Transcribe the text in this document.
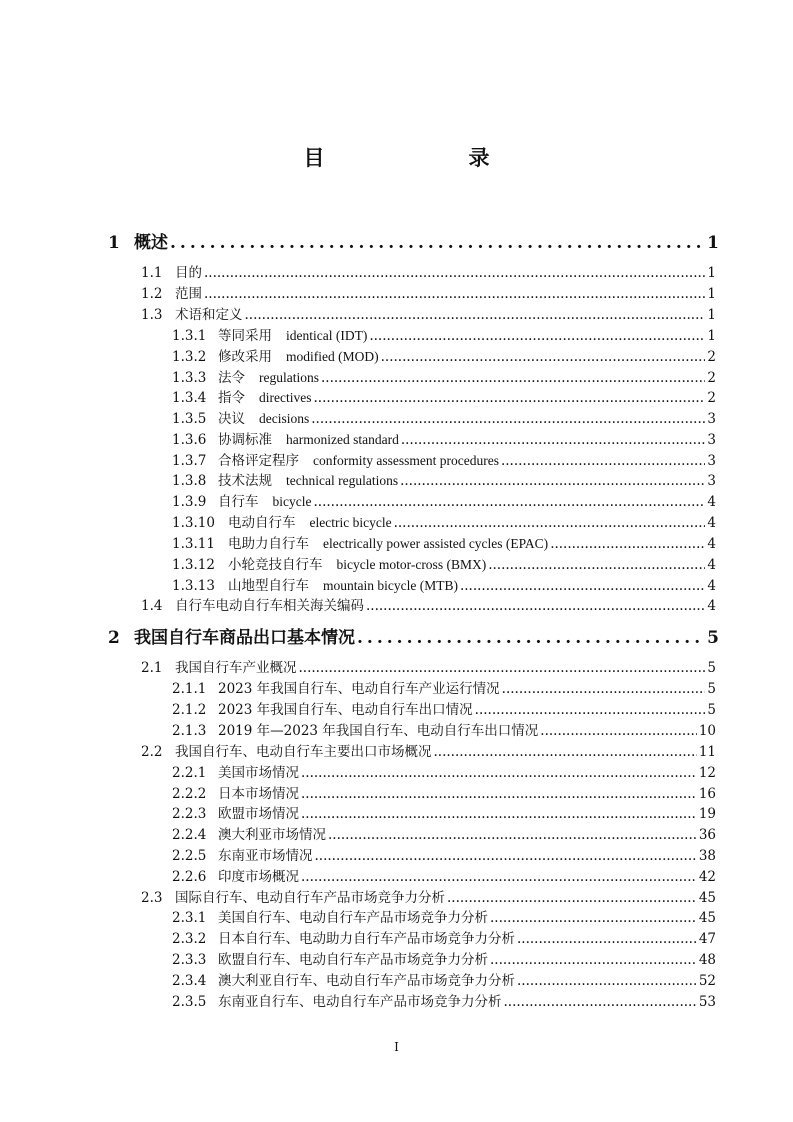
目　　录
1 概述 .....	1
1.1 目的 .....	1
1.2 范围 .....	1
1.3 术语和定义 .....	1
1.3.1 等同采用 identical (IDT) .....	1
1.3.2 修改采用 modified (MOD) .....	2
1.3.3 法令 regulations .....	2
1.3.4 指令 directives .....	2
1.3.5 决议 decisions .....	3
1.3.6 协调标准 harmonized standard .....	3
1.3.7 合格评定程序 conformity assessment procedures .....	3
1.3.8 技术法规 technical regulations .....	3
1.3.9 自行车 bicycle .....	4
1.3.10 电动自行车 electric bicycle .....	4
1.3.11 电助力自行车 electrically power assisted cycles (EPAC) .....	4
1.3.12 小轮竞技自行车 bicycle motor-cross (BMX) .....	4
1.3.13 山地型自行车 mountain bicycle (MTB) .....	4
1.4 自行车电动自行车相关海关编码 .....	4
2 我国自行车商品出口基本情况 .....	5
2.1 我国自行车产业概况 .....	5
2.1.1 2023 年我国自行车、电动自行车产业运行情况 .....	5
2.1.2 2023 年我国自行车、电动自行车出口情况 .....	5
2.1.3 2019 年—2023 年我国自行车、电动自行车出口情况 .....	10
2.2 我国自行车、电动自行车主要出口市场概况 .....	11
2.2.1 美国市场情况 .....	12
2.2.2 日本市场情况 .....	16
2.2.3 欧盟市场情况 .....	19
2.2.4 澳大利亚市场情况 .....	36
2.2.5 东南亚市场情况 .....	38
2.2.6 印度市场概况 .....	42
2.3 国际自行车、电动自行车产品市场竞争力分析 .....	45
2.3.1 美国自行车、电动自行车产品市场竞争力分析 .....	45
2.3.2 日本自行车、电动助力自行车产品市场竞争力分析 .....	47
2.3.3 欧盟自行车、电动自行车产品市场竞争力分析 .....	48
2.3.4 澳大利亚自行车、电动自行车产品市场竞争力分析 .....	52
2.3.5 东南亚自行车、电动自行车产品市场竞争力分析 .....	53
I
